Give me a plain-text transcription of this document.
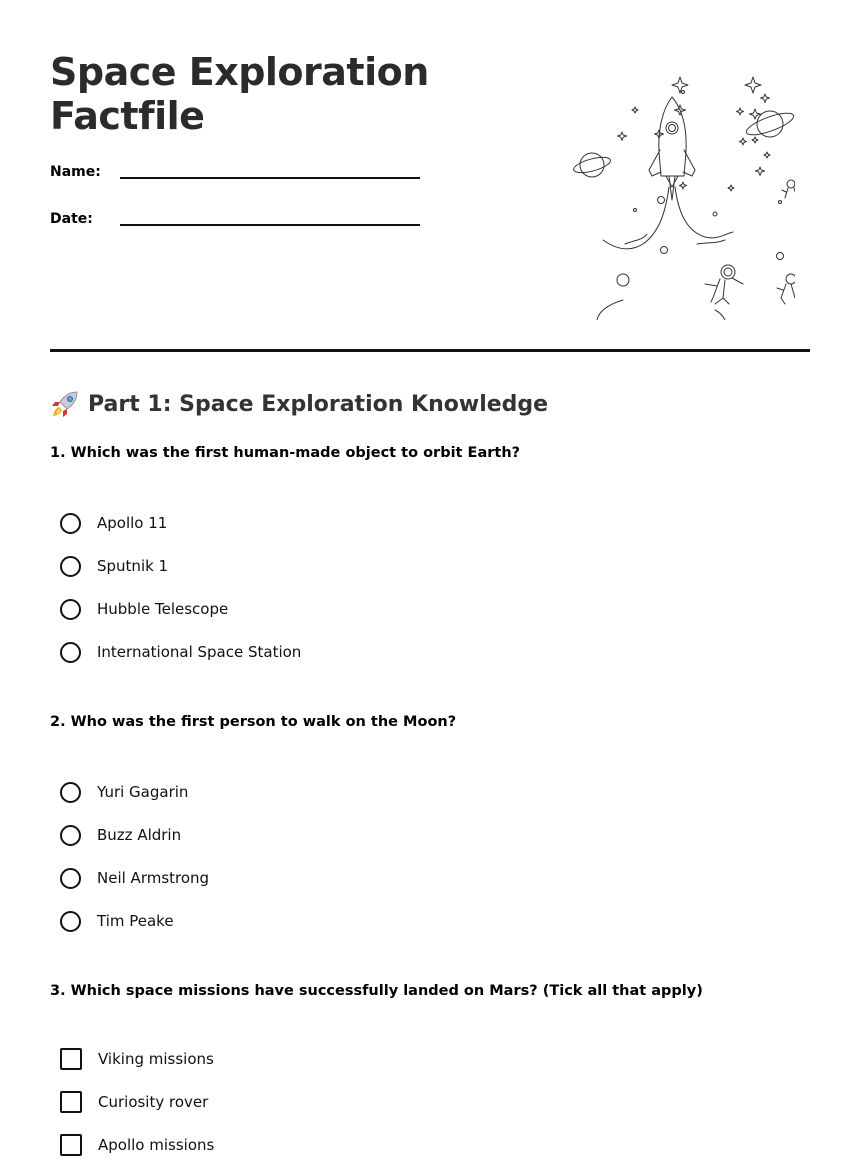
Space Exploration Factfile
Name:
Date:
Part 1: Space Exploration Knowledge
1. Which was the first human-made object to orbit Earth?
Apollo 11
Sputnik 1
Hubble Telescope
International Space Station
2. Who was the first person to walk on the Moon?
Yuri Gagarin
Buzz Aldrin
Neil Armstrong
Tim Peake
3. Which space missions have successfully landed on Mars? (Tick all that apply)
Viking missions
Curiosity rover
Apollo missions
